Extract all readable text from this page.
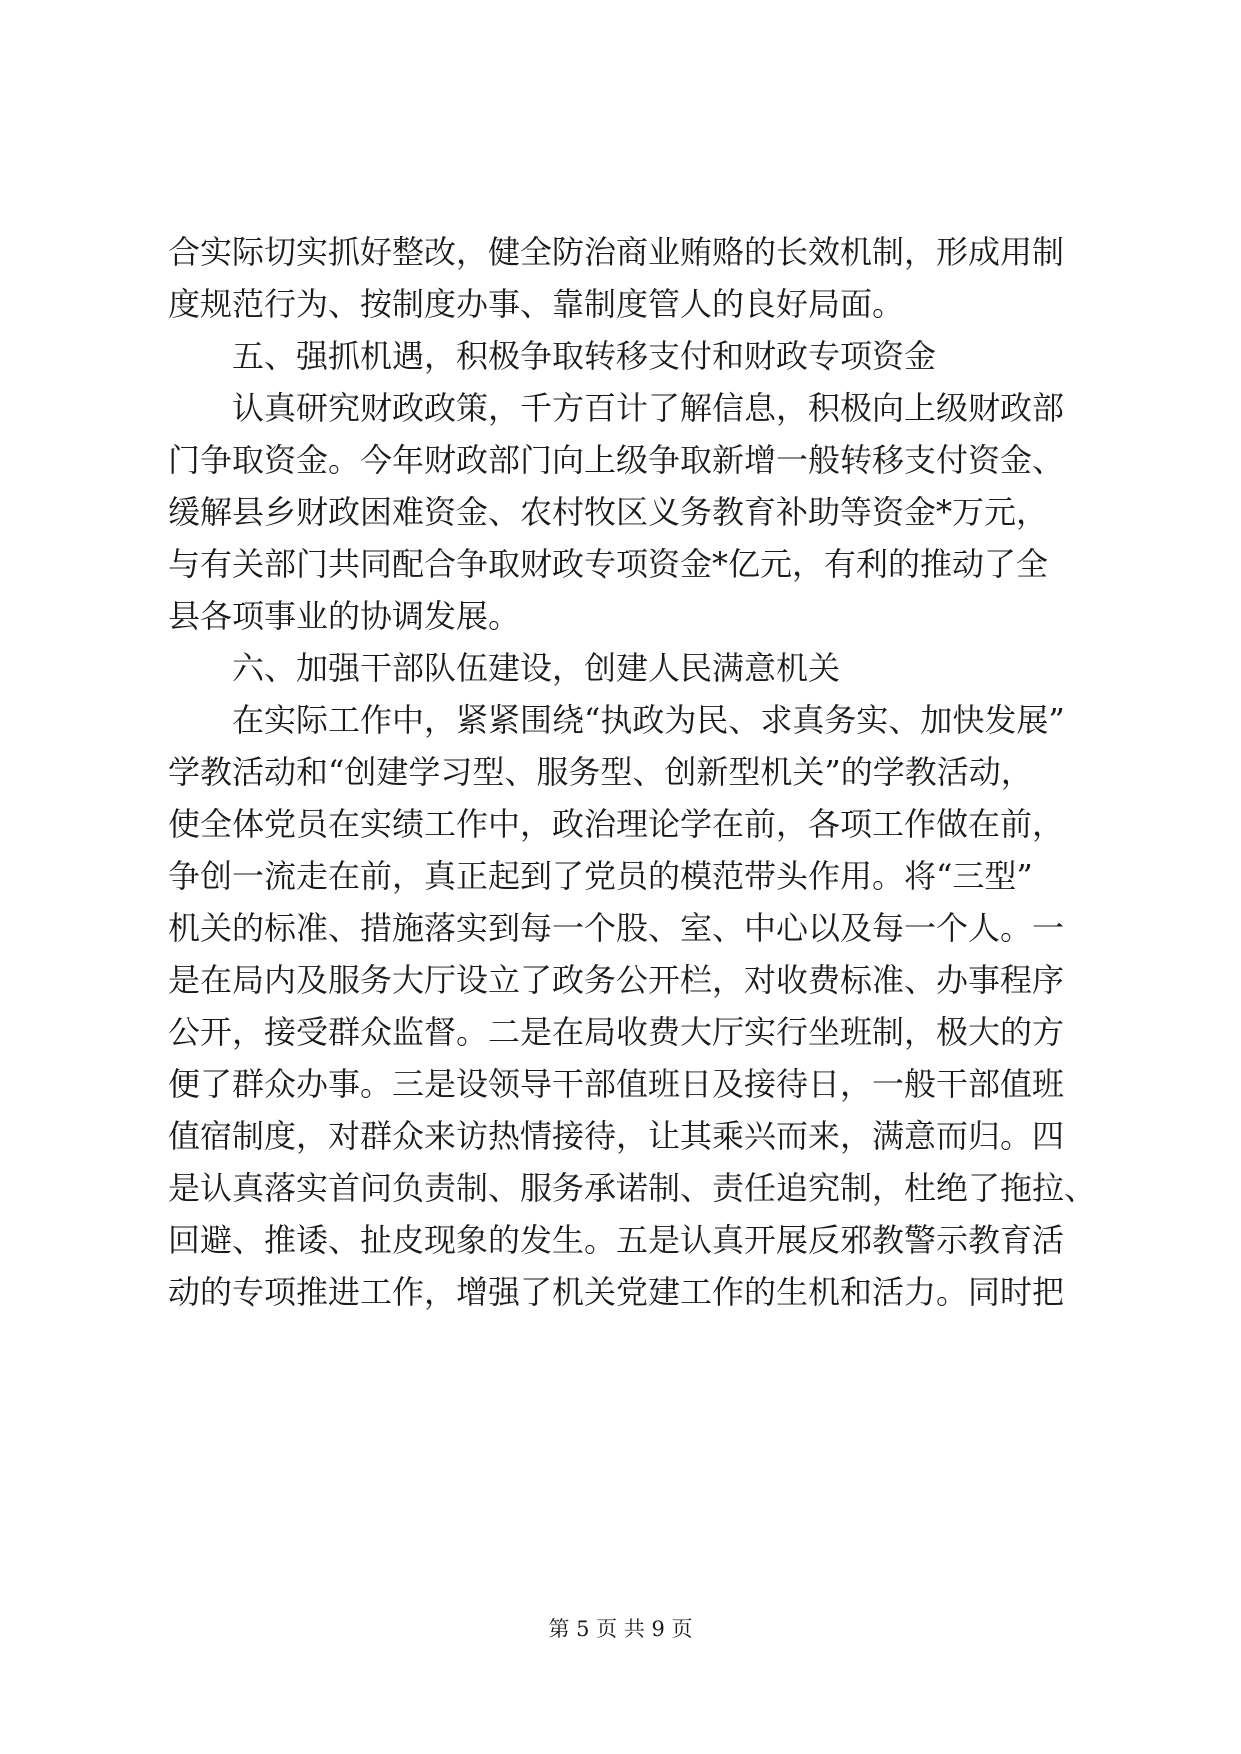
合实际切实抓好整改，健全防治商业贿赂的长效机制，形成用制
度规范行为、按制度办事、靠制度管人的良好局面。
五、强抓机遇，积极争取转移支付和财政专项资金
认真研究财政政策，千方百计了解信息，积极向上级财政部
门争取资金。今年财政部门向上级争取新增一般转移支付资金、
缓解县乡财政困难资金、农村牧区义务教育补助等资金*万元，
与有关部门共同配合争取财政专项资金*亿元，有利的推动了全
县各项事业的协调发展。
六、加强干部队伍建设，创建人民满意机关
在实际工作中，紧紧围绕“执政为民、求真务实、加快发展”
学教活动和“创建学习型、服务型、创新型机关”的学教活动，
使全体党员在实绩工作中，政治理论学在前，各项工作做在前，
争创一流走在前，真正起到了党员的模范带头作用。将“三型”
机关的标准、措施落实到每一个股、室、中心以及每一个人。一
是在局内及服务大厅设立了政务公开栏，对收费标准、办事程序
公开，接受群众监督。二是在局收费大厅实行坐班制，极大的方
便了群众办事。三是设领导干部值班日及接待日，一般干部值班
值宿制度，对群众来访热情接待，让其乘兴而来，满意而归。四
是认真落实首问负责制、服务承诺制、责任追究制，杜绝了拖拉、
回避、推诿、扯皮现象的发生。五是认真开展反邪教警示教育活
动的专项推进工作，增强了机关党建工作的生机和活力。同时把
第 5 页 共 9 页
